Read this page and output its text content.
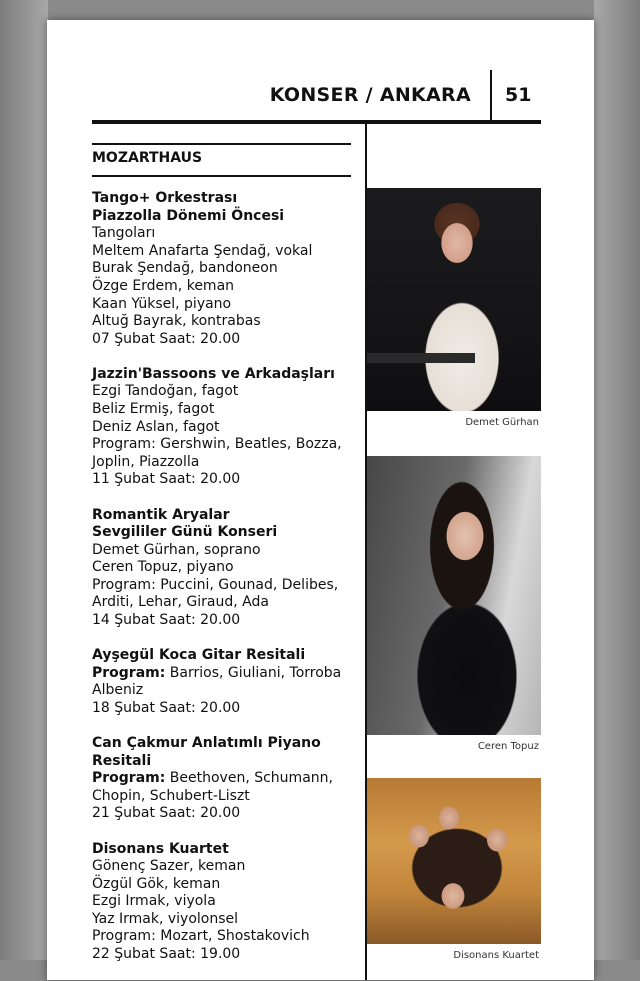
KONSER / ANKARA 51
MOZARTHAUS
Tango+ Orkestrası
Piazzolla Dönemi Öncesi
Tangoları
Meltem Anafarta Şendağ, vokal
Burak Şendağ, bandoneon
Özge Erdem, keman
Kaan Yüksel, piyano
Altuğ Bayrak, kontrabas
07 Şubat Saat: 20.00
Jazzin'Bassoons ve Arkadaşları
Ezgi Tandoğan, fagot
Beliz Ermiş, fagot
Deniz Aslan, fagot
Program: Gershwin, Beatles, Bozza,
Joplin, Piazzolla
11 Şubat Saat: 20.00
Romantik Aryalar
Sevgililer Günü Konseri
Demet Gürhan, soprano
Ceren Topuz, piyano
Program: Puccini, Gounad, Delibes,
Arditi, Lehar, Giraud, Ada
14 Şubat Saat: 20.00
Ayşegül Koca Gitar Resitali
Program: Barrios, Giuliani, Torroba
Albeniz
18 Şubat Saat: 20.00
Can Çakmur Anlatımlı Piyano
Resitali
Program: Beethoven, Schumann,
Chopin, Schubert-Liszt
21 Şubat Saat: 20.00
Disonans Kuartet
Gönenç Sazer, keman
Özgül Gök, keman
Ezgi Irmak, viyola
Yaz Irmak, viyolonsel
Program: Mozart, Shostakovich
22 Şubat Saat: 19.00
Demet Gürhan
Ceren Topuz
Disonans Kuartet
